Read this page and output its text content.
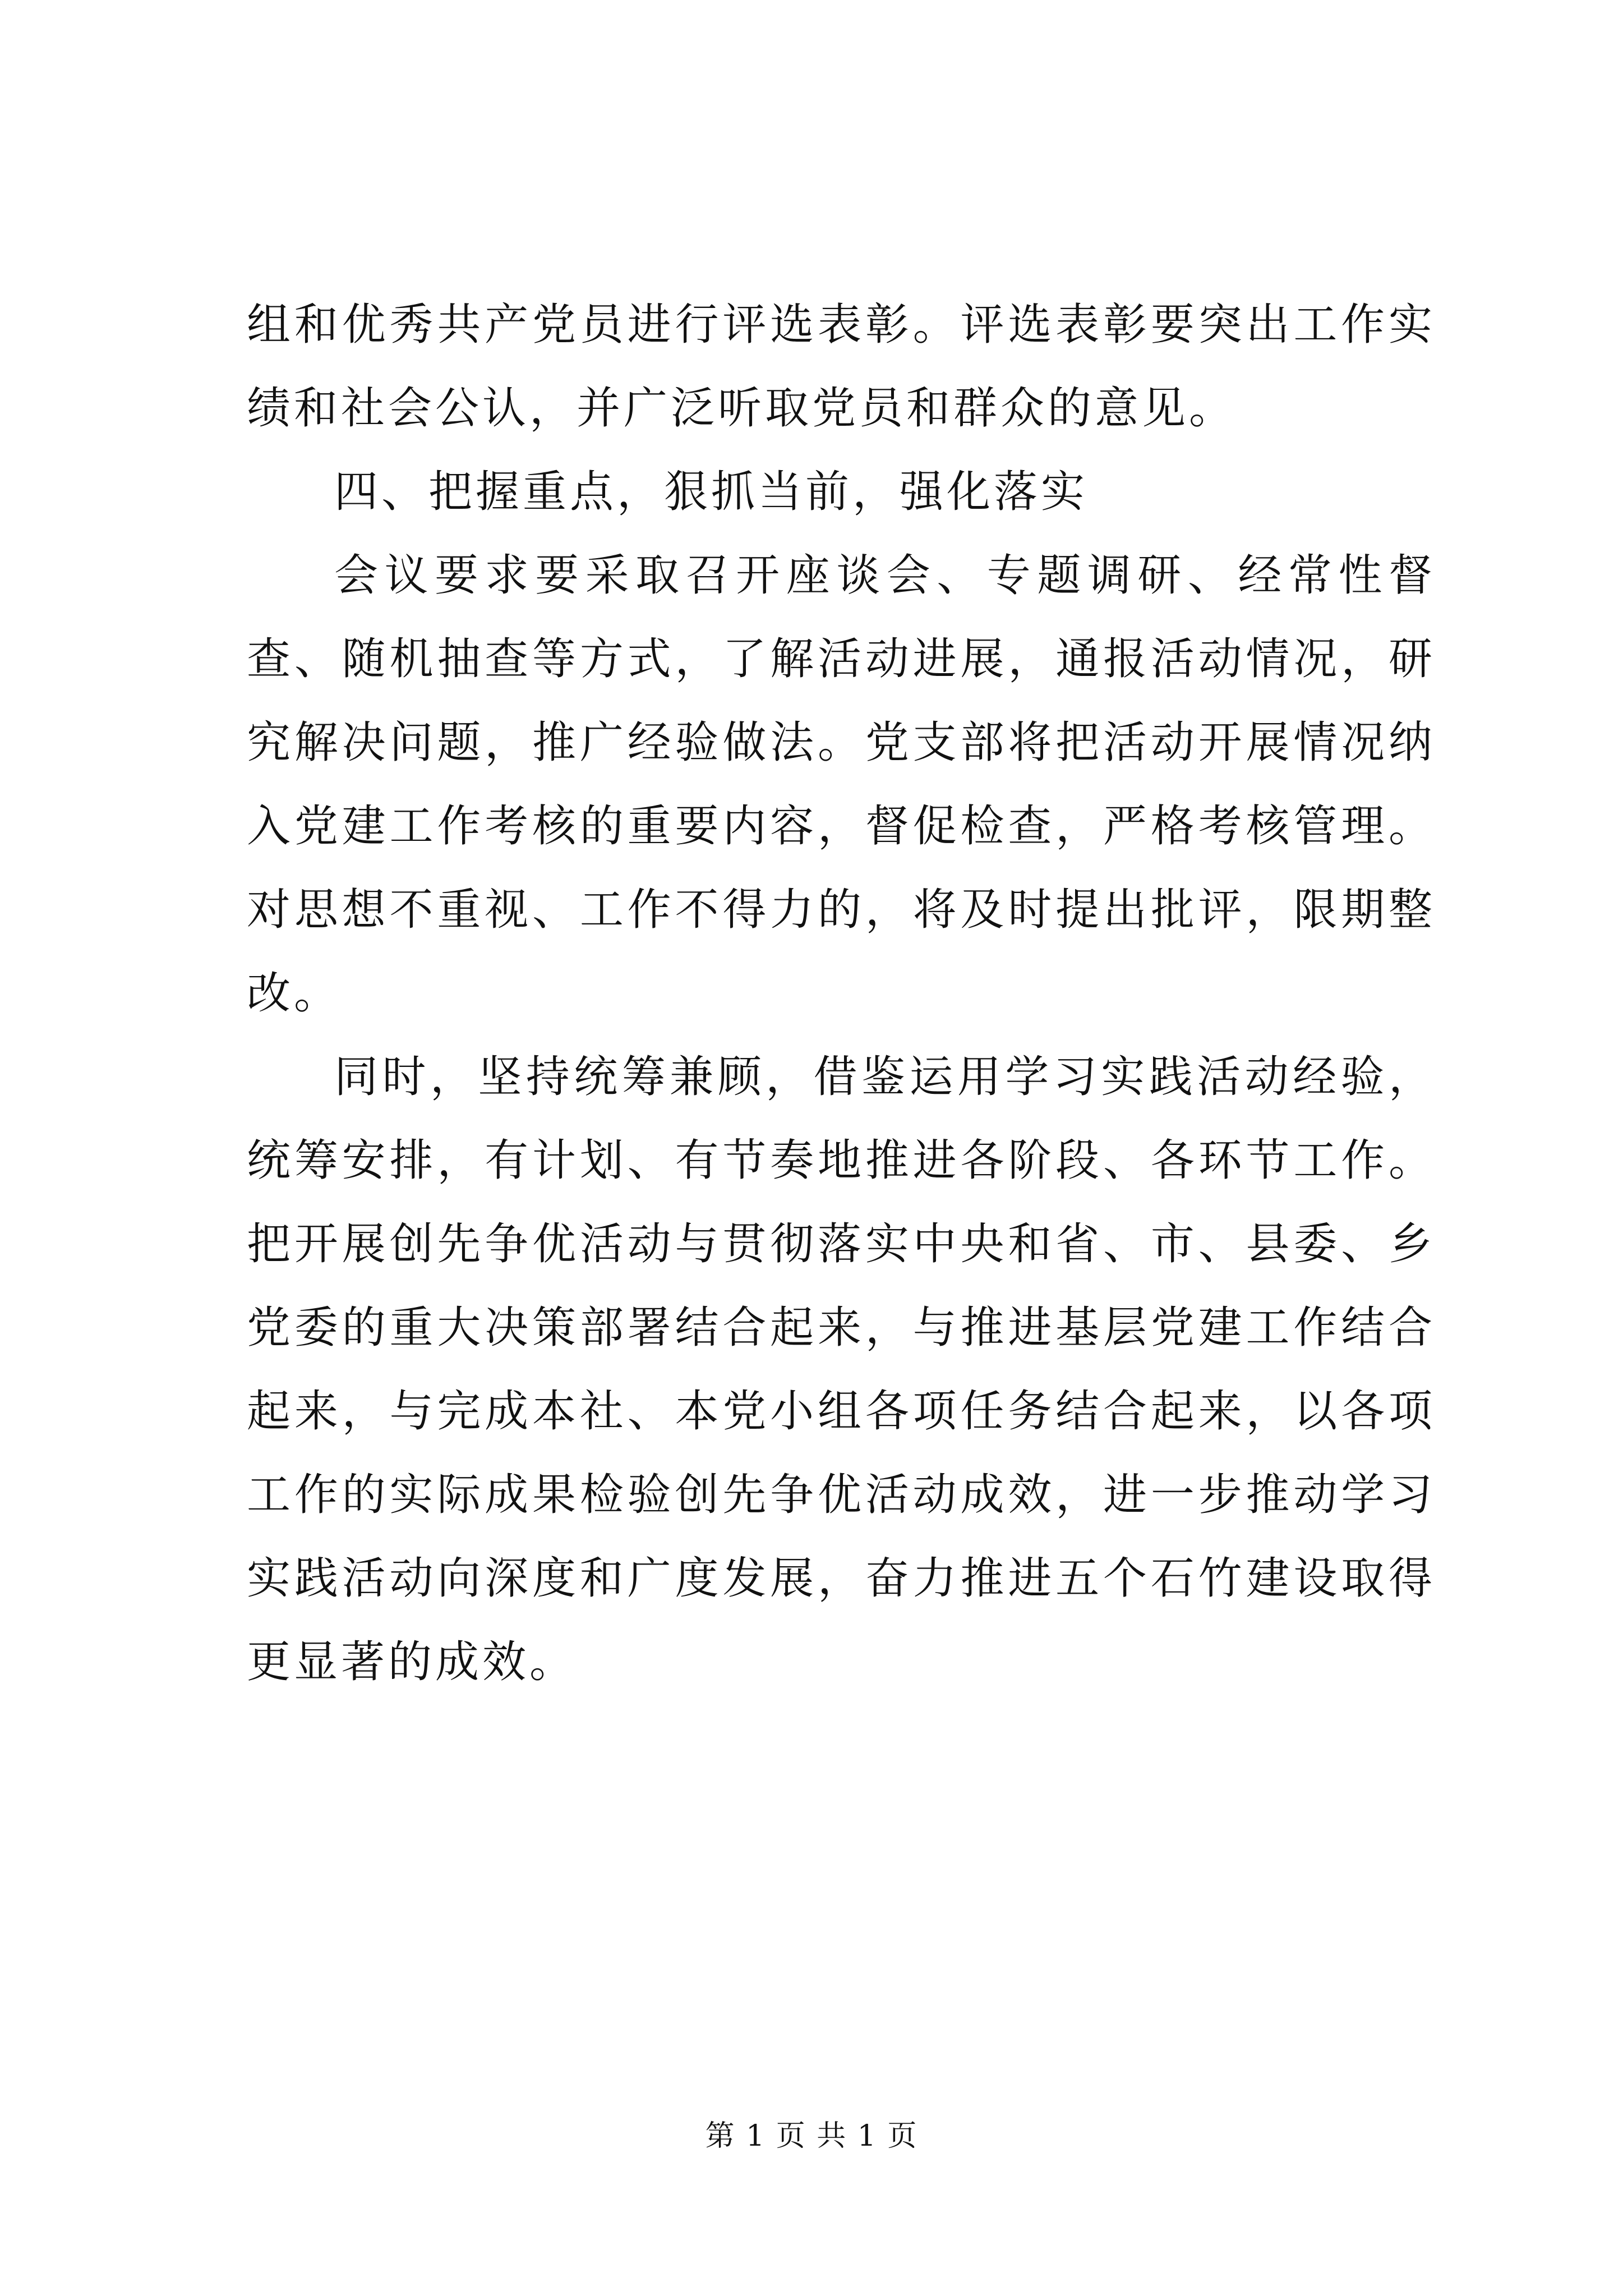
组和优秀共产党员进行评选表彰。评选表彰要突出工作实绩和社会公认，并广泛听取党员和群众的意见。

四、把握重点，狠抓当前，强化落实

会议要求要采取召开座谈会、专题调研、经常性督查、随机抽查等方式，了解活动进展，通报活动情况，研究解决问题，推广经验做法。党支部将把活动开展情况纳入党建工作考核的重要内容，督促检查，严格考核管理。对思想不重视、工作不得力的，将及时提出批评，限期整改。

同时，坚持统筹兼顾，借鉴运用学习实践活动经验，统筹安排，有计划、有节奏地推进各阶段、各环节工作。把开展创先争优活动与贯彻落实中央和省、市、县委、乡党委的重大决策部署结合起来，与推进基层党建工作结合起来，与完成本社、本党小组各项任务结合起来，以各项工作的实际成果检验创先争优活动成效，进一步推动学习实践活动向深度和广度发展，奋力推进五个石竹建设取得更显著的成效。

第 1 页 共 1 页
